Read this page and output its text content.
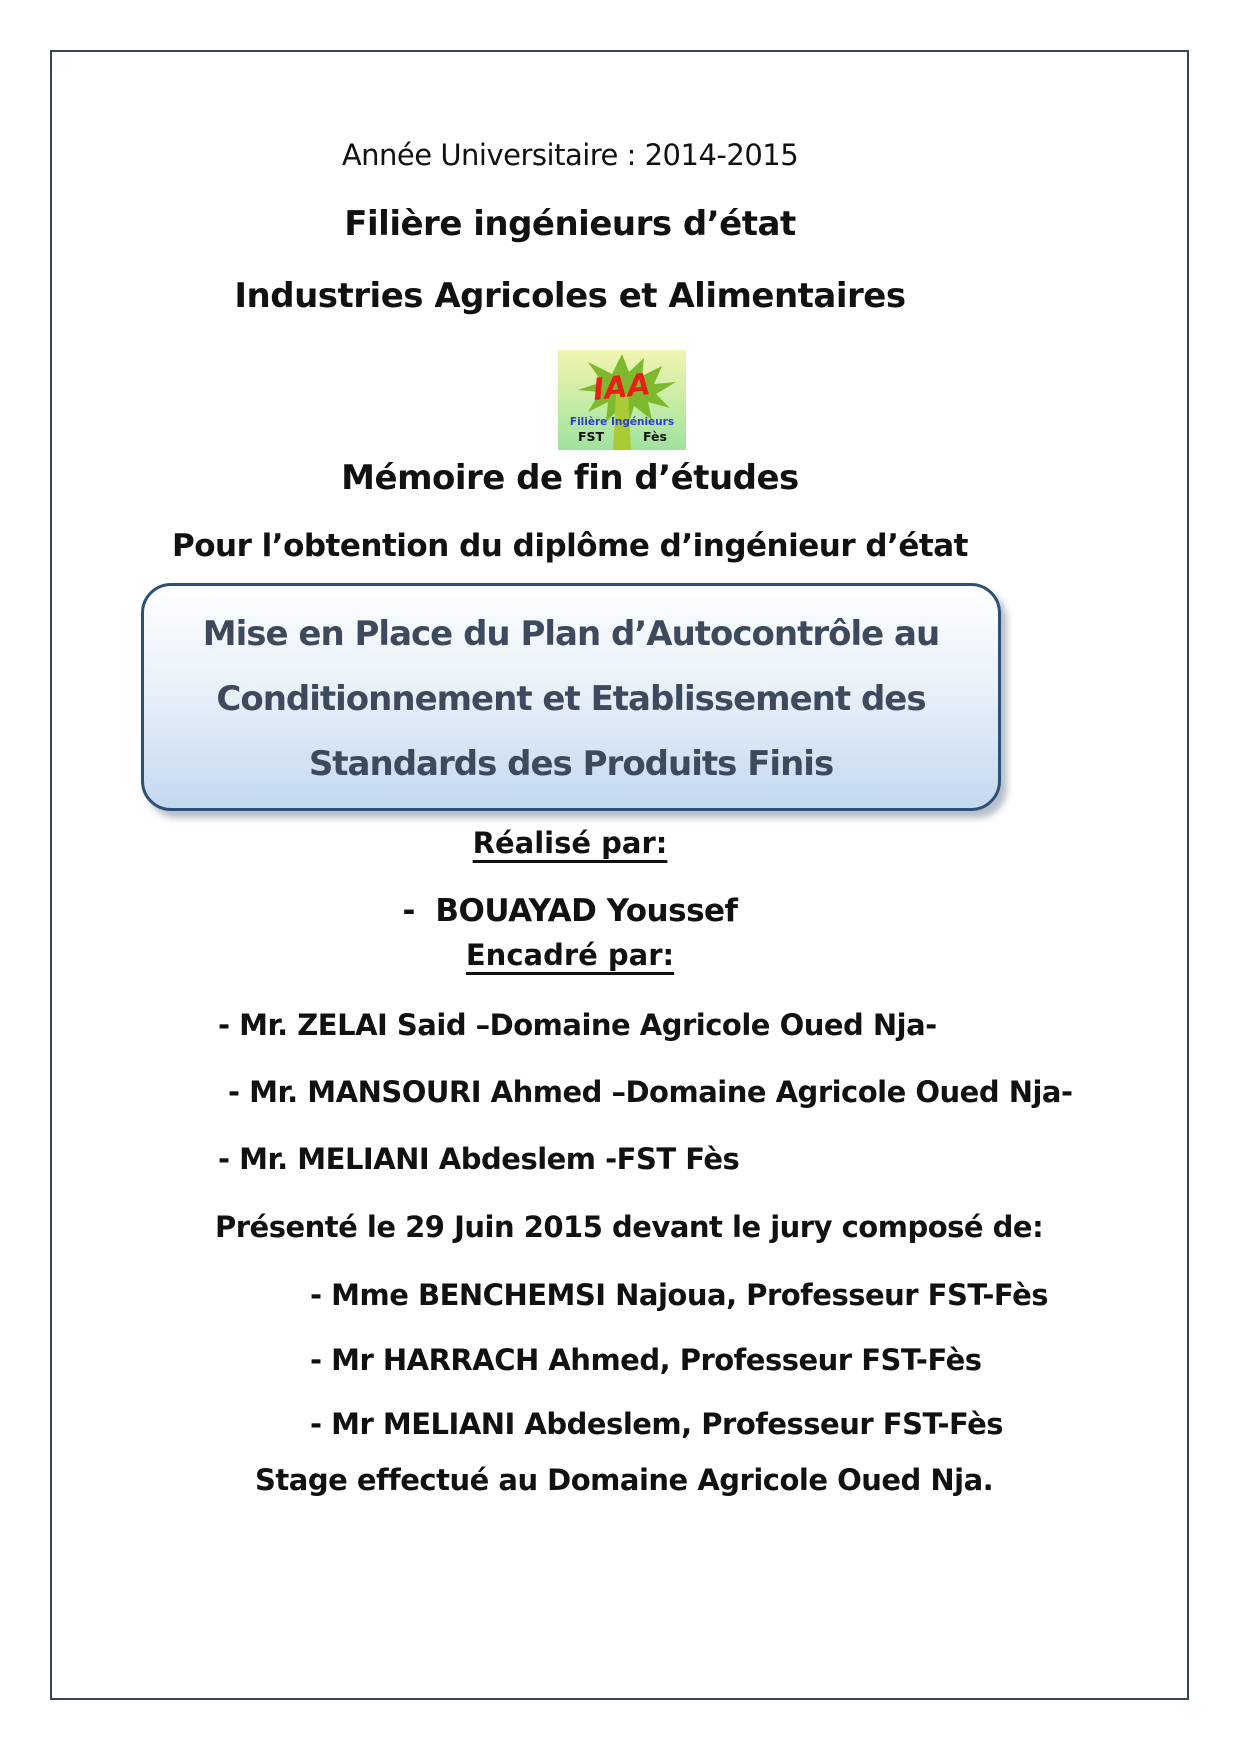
Année Universitaire : 2014-2015
Filière ingénieurs d’état
Industries Agricoles et Alimentaires
IAA
Filière Ingénieurs
FST	Fès
Mémoire de fin d’études
Pour l’obtention du diplôme d’ingénieur d’état
Mise en Place du Plan d’Autocontrôle au
Conditionnement et Etablissement des
Standards des Produits Finis
Réalisé par:
-  BOUAYAD Youssef
Encadré par:
- Mr. ZELAI Said –Domaine Agricole Oued Nja-
- Mr. MANSOURI Ahmed –Domaine Agricole Oued Nja-
- Mr. MELIANI Abdeslem -FST Fès
Présenté le 29 Juin 2015 devant le jury composé de:
- Mme BENCHEMSI Najoua, Professeur FST-Fès
- Mr HARRACH Ahmed, Professeur FST-Fès
- Mr MELIANI Abdeslem, Professeur FST-Fès
Stage effectué au Domaine Agricole Oued Nja.
